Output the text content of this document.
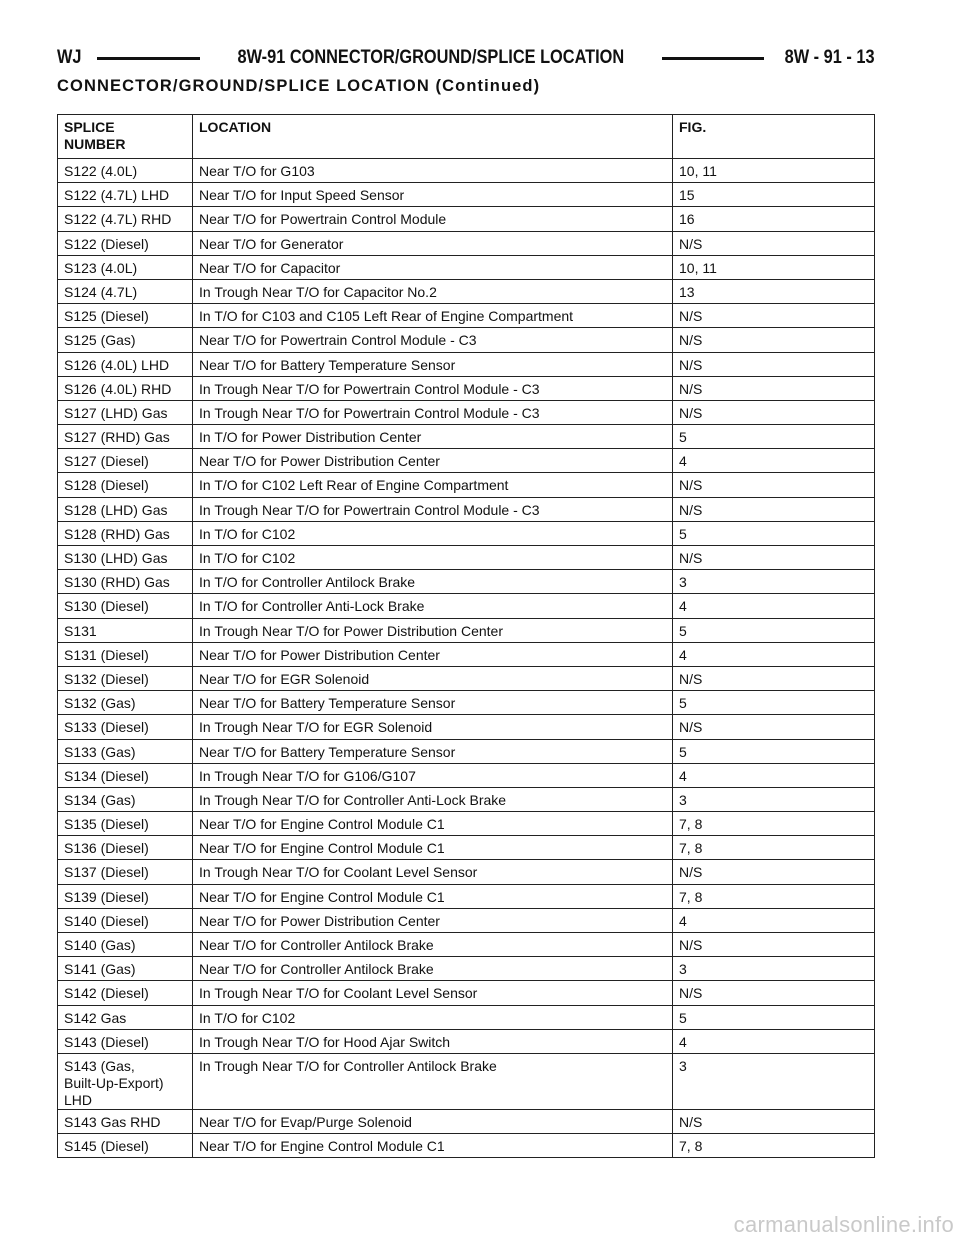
WJ	8W-91 CONNECTOR/GROUND/SPLICE LOCATION	8W - 91 - 13
CONNECTOR/GROUND/SPLICE LOCATION (Continued)
SPLICE
NUMBER	LOCATION	FIG.
S122 (4.0L)	Near T/O for G103	10, 11
S122 (4.7L) LHD	Near T/O for Input Speed Sensor	15
S122 (4.7L) RHD	Near T/O for Powertrain Control Module	16
S122 (Diesel)	Near T/O for Generator	N/S
S123 (4.0L)	Near T/O for Capacitor	10, 11
S124 (4.7L)	In Trough Near T/O for Capacitor No.2	13
S125 (Diesel)	In T/O for C103 and C105 Left Rear of Engine Compartment	N/S
S125 (Gas)	Near T/O for Powertrain Control Module - C3	N/S
S126 (4.0L) LHD	Near T/O for Battery Temperature Sensor	N/S
S126 (4.0L) RHD	In Trough Near T/O for Powertrain Control Module - C3	N/S
S127 (LHD) Gas	In Trough Near T/O for Powertrain Control Module - C3	N/S
S127 (RHD) Gas	In T/O for Power Distribution Center	5
S127 (Diesel)	Near T/O for Power Distribution Center	4
S128 (Diesel)	In T/O for C102 Left Rear of Engine Compartment	N/S
S128 (LHD) Gas	In Trough Near T/O for Powertrain Control Module - C3	N/S
S128 (RHD) Gas	In T/O for C102	5
S130 (LHD) Gas	In T/O for C102	N/S
S130 (RHD) Gas	In T/O for Controller Antilock Brake	3
S130 (Diesel)	In T/O for Controller Anti-Lock Brake	4
S131	In Trough Near T/O for Power Distribution Center	5
S131 (Diesel)	Near T/O for Power Distribution Center	4
S132 (Diesel)	Near T/O for EGR Solenoid	N/S
S132 (Gas)	Near T/O for Battery Temperature Sensor	5
S133 (Diesel)	In Trough Near T/O for EGR Solenoid	N/S
S133 (Gas)	Near T/O for Battery Temperature Sensor	5
S134 (Diesel)	In Trough Near T/O for G106/G107	4
S134 (Gas)	In Trough Near T/O for Controller Anti-Lock Brake	3
S135 (Diesel)	Near T/O for Engine Control Module C1	7, 8
S136 (Diesel)	Near T/O for Engine Control Module C1	7, 8
S137 (Diesel)	In Trough Near T/O for Coolant Level Sensor	N/S
S139 (Diesel)	Near T/O for Engine Control Module C1	7, 8
S140 (Diesel)	Near T/O for Power Distribution Center	4
S140 (Gas)	Near T/O for Controller Antilock Brake	N/S
S141 (Gas)	Near T/O for Controller Antilock Brake	3
S142 (Diesel)	In Trough Near T/O for Coolant Level Sensor	N/S
S142 Gas	In T/O for C102	5
S143 (Diesel)	In Trough Near T/O for Hood Ajar Switch	4
S143 (Gas,
Built-Up-Export)
LHD	In Trough Near T/O for Controller Antilock Brake	3
S143 Gas RHD	Near T/O for Evap/Purge Solenoid	N/S
S145 (Diesel)	Near T/O for Engine Control Module C1	7, 8
carmanualsonline.info
